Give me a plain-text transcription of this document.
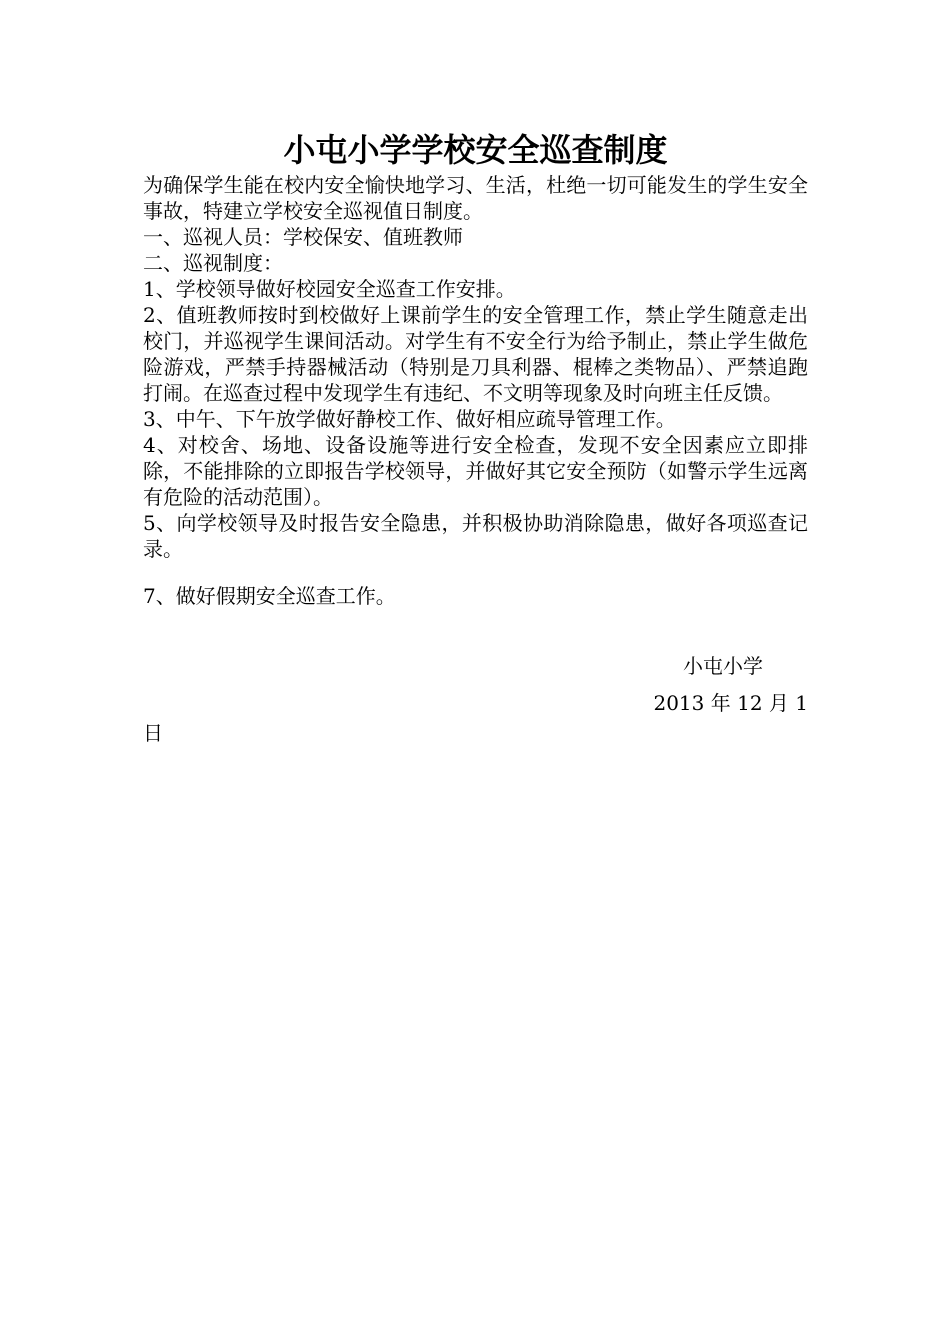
小屯小学学校安全巡查制度

为确保学生能在校内安全愉快地学习、生活，杜绝一切可能发生的学生安全事故，特建立学校安全巡视值日制度。

一、巡视人员：学校保安、值班教师

二、巡视制度：

1、学校领导做好校园安全巡查工作安排。

2、值班教师按时到校做好上课前学生的安全管理工作，禁止学生随意走出校门，并巡视学生课间活动。对学生有不安全行为给予制止，禁止学生做危险游戏，严禁手持器械活动（特别是刀具利器、棍棒之类物品）、严禁追跑打闹。在巡查过程中发现学生有违纪、不文明等现象及时向班主任反馈。

3、中午、下午放学做好静校工作、做好相应疏导管理工作。

4、对校舍、场地、设备设施等进行安全检查，发现不安全因素应立即排除，不能排除的立即报告学校领导，并做好其它安全预防（如警示学生远离有危险的活动范围）。

5、向学校领导及时报告安全隐患，并积极协助消除隐患，做好各项巡查记录。

7、做好假期安全巡查工作。

小屯小学

2013 年 12 月 1
日
